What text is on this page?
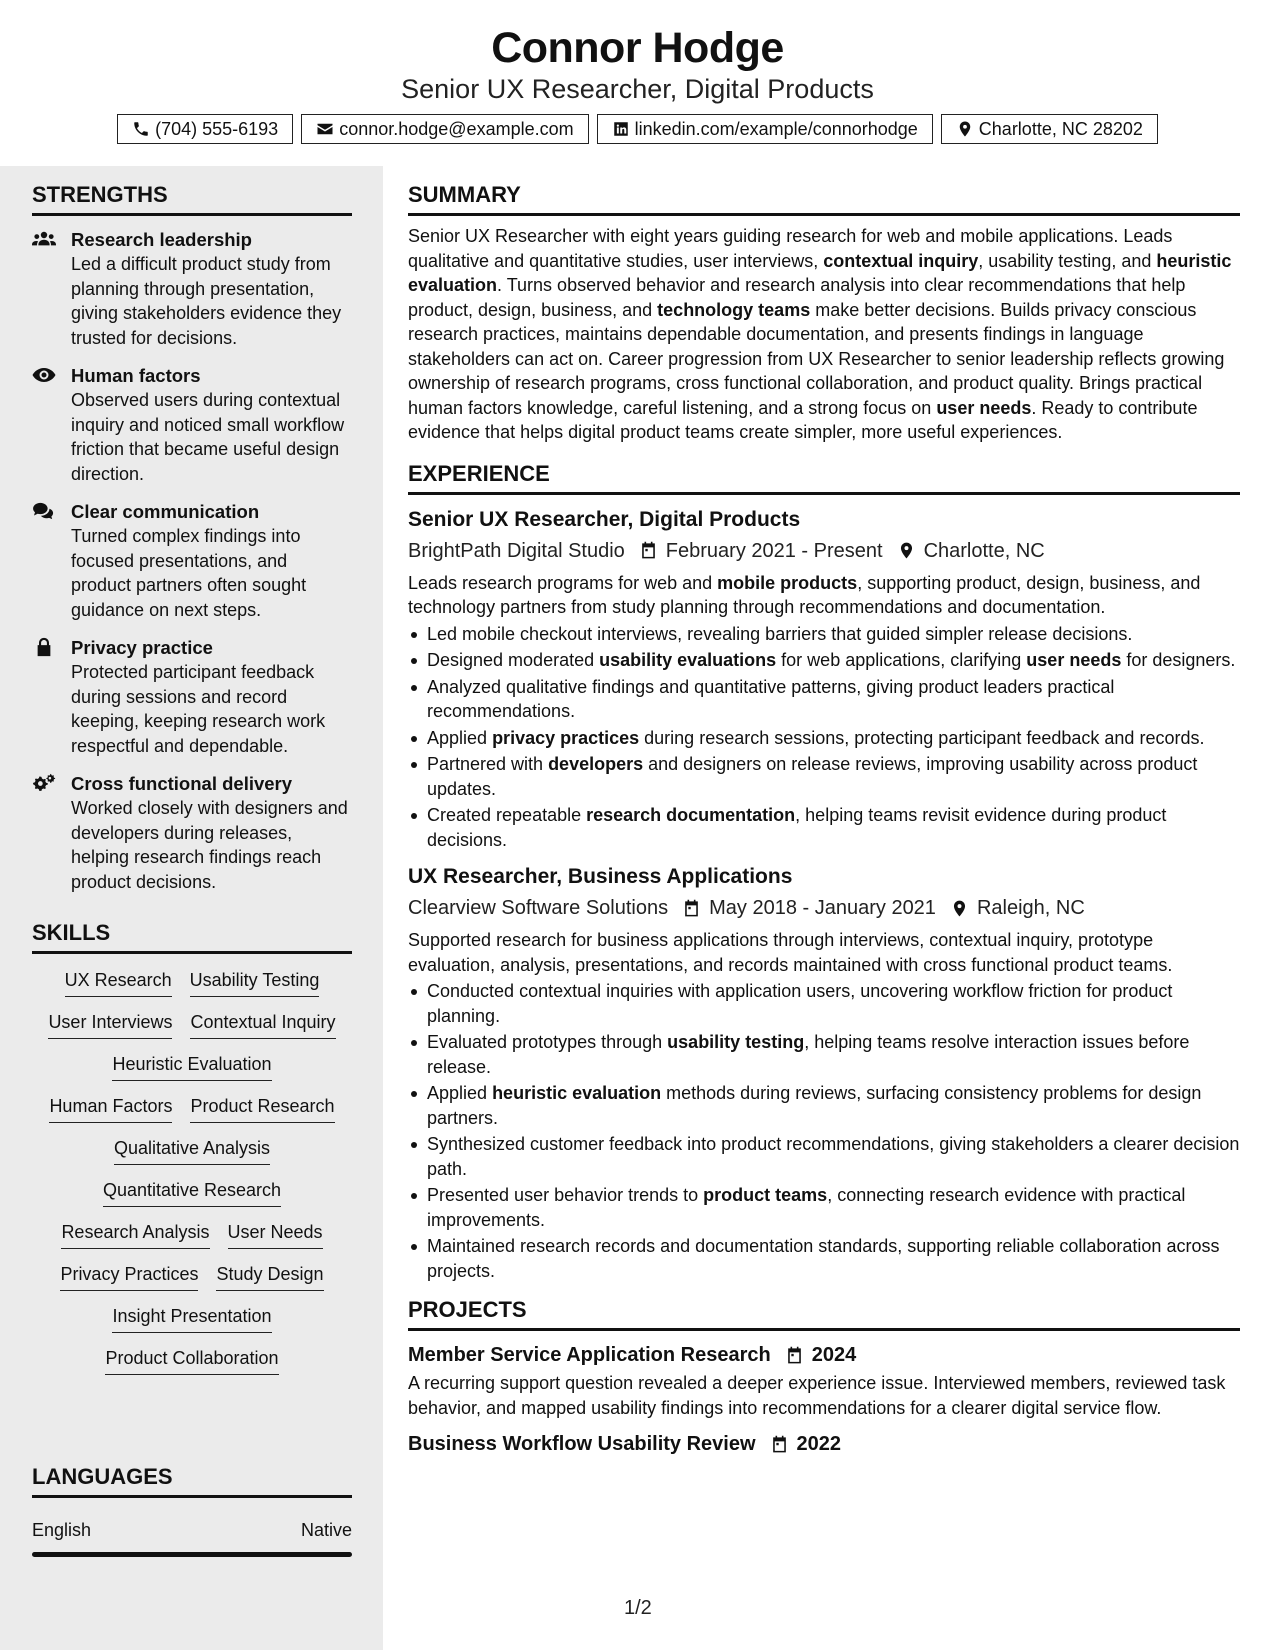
Connor Hodge
Senior UX Researcher, Digital Products
(704) 555-6193	connor.hodge@example.com	linkedin.com/example/connorhodge	Charlotte, NC 28202
STRENGTHS
Research leadership
Led a difficult product study from planning through presentation, giving stakeholders evidence they trusted for decisions.
Human factors
Observed users during contextual inquiry and noticed small workflow friction that became useful design direction.
Clear communication
Turned complex findings into focused presentations, and product partners often sought guidance on next steps.
Privacy practice
Protected participant feedback during sessions and record keeping, keeping research work respectful and dependable.
Cross functional delivery
Worked closely with designers and developers during releases, helping research findings reach product decisions.
SKILLS
UX Research Usability Testing
User Interviews Contextual Inquiry
Heuristic Evaluation
Human Factors Product Research
Qualitative Analysis
Quantitative Research
Research Analysis User Needs
Privacy Practices Study Design
Insight Presentation
Product Collaboration
LANGUAGES
English	Native
SUMMARY
Senior UX Researcher with eight years guiding research for web and mobile applications. Leads qualitative and quantitative studies, user interviews, contextual inquiry, usability testing, and heuristic evaluation. Turns observed behavior and research analysis into clear recommendations that help product, design, business, and technology teams make better decisions. Builds privacy conscious research practices, maintains dependable documentation, and presents findings in language stakeholders can act on. Career progression from UX Researcher to senior leadership reflects growing ownership of research programs, cross functional collaboration, and product quality. Brings practical human factors knowledge, careful listening, and a strong focus on user needs. Ready to contribute evidence that helps digital product teams create simpler, more useful experiences.
EXPERIENCE
Senior UX Researcher, Digital Products
BrightPath Digital Studio February 2021 - Present Charlotte, NC
Leads research programs for web and mobile products, supporting product, design, business, and technology partners from study planning through recommendations and documentation.
Led mobile checkout interviews, revealing barriers that guided simpler release decisions.
Designed moderated usability evaluations for web applications, clarifying user needs for designers.
Analyzed qualitative findings and quantitative patterns, giving product leaders practical recommendations.
Applied privacy practices during research sessions, protecting participant feedback and records.
Partnered with developers and designers on release reviews, improving usability across product updates.
Created repeatable research documentation, helping teams revisit evidence during product decisions.
UX Researcher, Business Applications
Clearview Software Solutions May 2018 - January 2021 Raleigh, NC
Supported research for business applications through interviews, contextual inquiry, prototype evaluation, analysis, presentations, and records maintained with cross functional product teams.
Conducted contextual inquiries with application users, uncovering workflow friction for product planning.
Evaluated prototypes through usability testing, helping teams resolve interaction issues before release.
Applied heuristic evaluation methods during reviews, surfacing consistency problems for design partners.
Synthesized customer feedback into product recommendations, giving stakeholders a clearer decision path.
Presented user behavior trends to product teams, connecting research evidence with practical improvements.
Maintained research records and documentation standards, supporting reliable collaboration across projects.
PROJECTS
Member Service Application Research 2024
A recurring support question revealed a deeper experience issue. Interviewed members, reviewed task behavior, and mapped usability findings into recommendations for a clearer digital service flow.
Business Workflow Usability Review 2022
1/2
